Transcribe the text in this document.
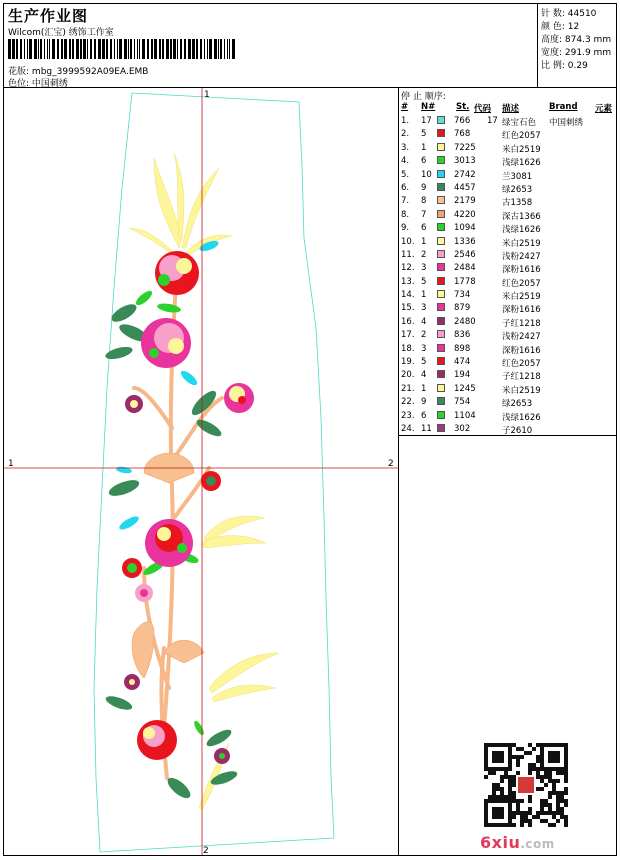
生产作业图
Wilcom(汇宝) 绣饰工作室
花版: mbg_3999592A09EA.EMB
色位: 中国刺绣
针 数: 44510
颜 色: 12
高度: 874.3 mm
宽度: 291.9 mm
比 例: 0.29
1
2
1	2
停 止 顺序:
# N# St. 代码 描述	Brand 元素
1. 17	766 17 绿宝石色 中国刺绣
2. 5	768	红色2057
3. 1	7225	米白2519
4. 6	3013	浅绿1626
5. 10	2742	兰3081
6. 9	4457	绿2653
7. 8	2179	古1358
8. 7	4220	深古1366
9. 6	1094	浅绿1626
10. 1	1336	米白2519
11. 2	2546	浅粉2427
12. 3	2484	深粉1616
13. 5	1778	红色2057
14. 1	734	米白2519
15. 3	879	深粉1616
16. 4	2480	子红1218
17. 2	836	浅粉2427
18. 3	898	深粉1616
19. 5	474	红色2057
20. 4	194	子红1218
21. 1	1245	米白2519
22. 9	754	绿2653
23. 6	1104	浅绿1626
24. 11	302	子2610
6xiu.com
